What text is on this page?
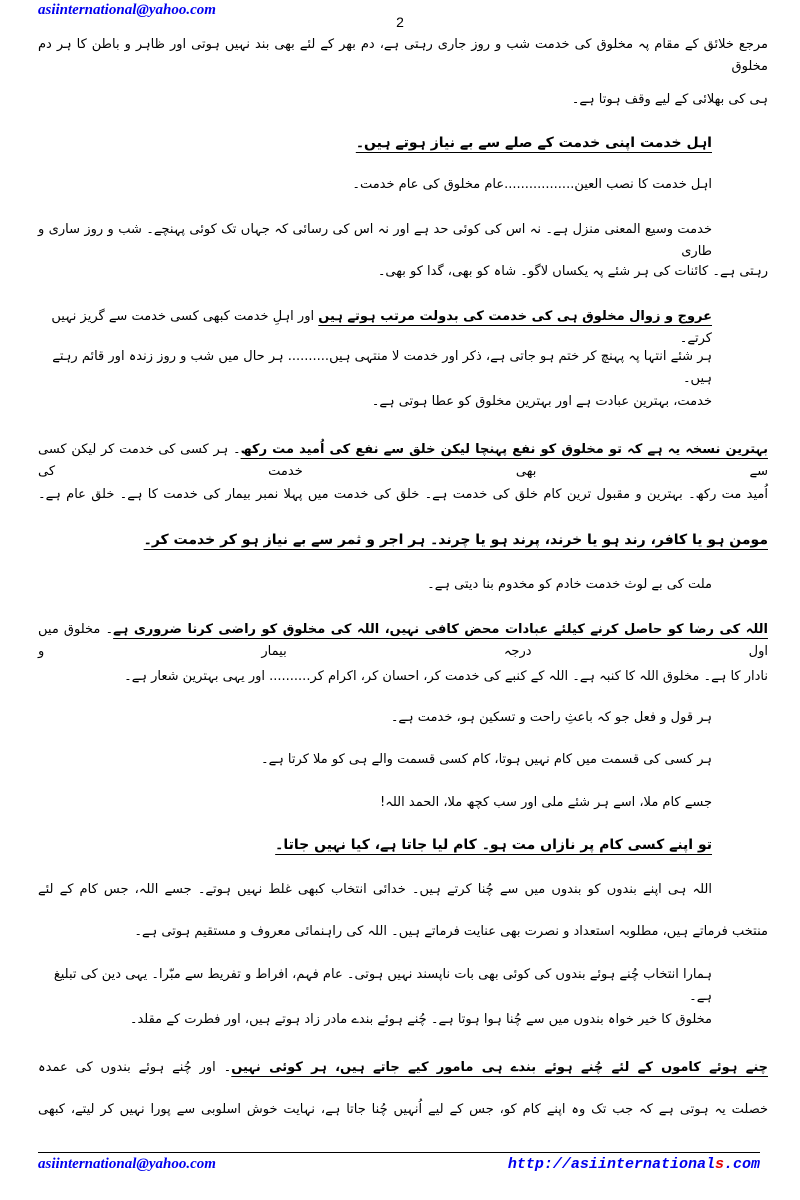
asiinternational@yahoo.com
2
مرجع خلائق کے مقام پہ مخلوق کی خدمت شب و روز جاری رہتی ہے، دم بھر کے لئے بھی بند نہیں ہوتی اور ظاہر و باطن کا ہر دم مخلوق
ہی کی بھلائی کے لیے وقف ہوتا ہے۔
اہل خدمت اپنی خدمت کے صلے سے بے نیاز ہوتے ہیں۔
اہل خدمت کا نصب العین.................عام مخلوق کی عام خدمت۔
خدمت وسیع المعنی منزل ہے۔ نہ اس کی کوئی حد ہے اور نہ اس کی رسائی کہ جہاں تک کوئی پہنچے۔ شب و روز ساری و طاری
رہتی ہے۔ کائنات کی ہر شئے پہ یکساں لاگو۔ شاہ کو بھی، گدا کو بھی۔
عروج و زوال مخلوق ہی کی خدمت کی بدولت مرتب ہوتے ہیں اور اہلِ خدمت کبھی کسی خدمت سے گریز نہیں کرتے۔
ہر شئے انتہا پہ پہنچ کر ختم ہو جاتی ہے، ذکر اور خدمت لا منتہی ہیں.......... ہر حال میں شب و روز زندہ اور قائم رہتے ہیں۔
خدمت، بہترین عبادت ہے اور بہترین مخلوق کو عطا ہوتی ہے۔
بہترین نسخہ یہ ہے کہ تو مخلوق کو نفع پہنچا لیکن خلق سے نفع کی اُمید مت رکھ۔ ہر کسی کی خدمت کر لیکن کسی سے بھی خدمت کی
اُمید مت رکھ۔ بہترین و مقبول ترین کام خلق کی خدمت ہے۔ خلق کی خدمت میں پہلا نمبر بیمار کی خدمت کا ہے۔ خلق عام ہے۔
مومن ہو یا کافر، رند ہو یا خرند، پرند ہو یا چرند۔ ہر اجر و ثمر سے بے نیاز ہو کر خدمت کر۔
ملت کی بے لوث خدمت خادم کو مخدوم بنا دیتی ہے۔
اللہ کی رضا کو حاصل کرنے کیلئے عبادات محض کافی نہیں، اللہ کی مخلوق کو راضی کرنا ضروری ہے۔ مخلوق میں اول درجہ بیمار و
نادار کا ہے۔ مخلوق اللہ کا کنبہ ہے۔ اللہ کے کنبے کی خدمت کر، احسان کر، اکرام کر.......... اور یہی بہترین شعار ہے۔
ہر قول و فعل جو کہ باعثِ راحت و تسکین ہو، خدمت ہے۔
ہر کسی کی قسمت میں کام نہیں ہوتا، کام کسی قسمت والے ہی کو ملا کرتا ہے۔
جسے کام ملا، اسے ہر شئے ملی اور سب کچھ ملا، الحمد اللہ!
تو اپنے کسی کام پر نازاں مت ہو۔ کام لیا جاتا ہے، کیا نہیں جاتا۔
اللہ ہی اپنے بندوں کو بندوں میں سے چُنا کرتے ہیں۔ خدائی انتخاب کبھی غلط نہیں ہوتے۔ جسے اللہ، جس کام کے لئے
منتخب فرماتے ہیں، مطلوبہ استعداد و نصرت بھی عنایت فرماتے ہیں۔ اللہ کی راہنمائی معروف و مستقیم ہوتی ہے۔
ہمارا انتخاب چُنے ہوئے بندوں کی کوئی بھی بات ناپسند نہیں ہوتی۔ عام فہم، افراط و تفریط سے مبّرا۔ یہی دین کی تبلیغ ہے۔
مخلوق کا خیر خواہ بندوں میں سے چُنا ہوا ہوتا ہے۔ چُنے ہوئے بندے مادر زاد ہوتے ہیں، اور فطرت کے مقلد۔
چنے ہوئے کاموں کے لئے چُنے ہوئے بندے ہی مامور کیے جاتے ہیں، ہر کوئی نہیں۔ اور چُنے ہوئے بندوں کی عمدہ
خصلت یہ ہوتی ہے کہ جب تک وہ اپنے کام کو، جس کے لیے اُنہیں چُنا جاتا ہے، نہایت خوش اسلوبی سے پورا نہیں کر لیتے، کبھی
asiinternational@yahoo.com	http://asiinternationals.com
